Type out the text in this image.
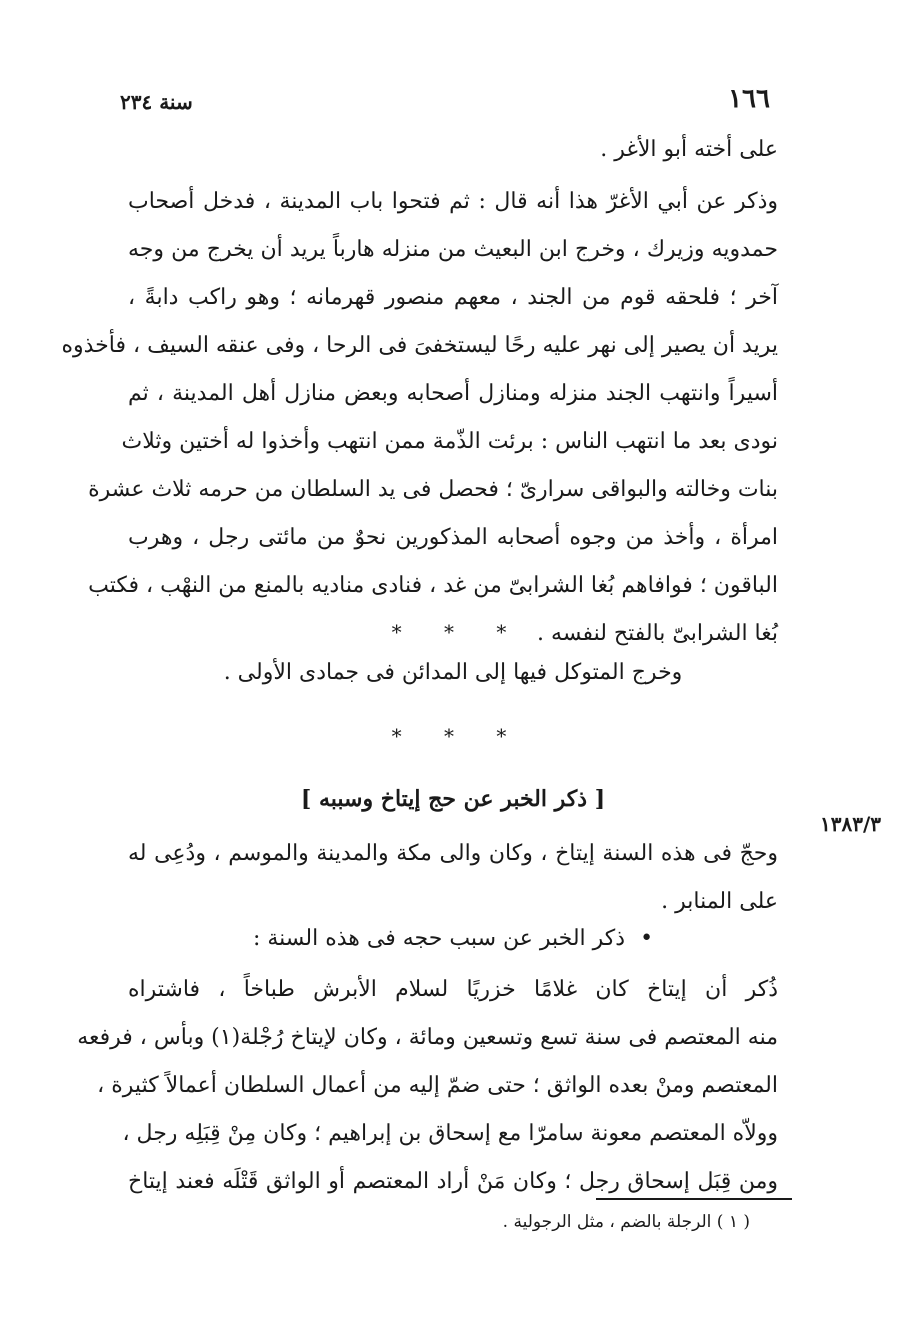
١٦٦
سنة ٢٣٤
على أخته أبو الأغر .
وذكر عن أبي الأغرّ هذا أنه قال : ثم فتحوا باب المدينة ، فدخل أصحاب
حمدويه وزيرك ، وخرج ابن البعيث من منزله هارباً يريد أن يخرج من وجه
آخر ؛ فلحقه قوم من الجند ، معهم منصور قهرمانه ؛ وهو راكب دابةً ،
يريد أن يصير إلى نهر عليه رحًا ليستخفىَ فى الرحا ، وفى عنقه السيف ، فأخذوه
أسيراً وانتهب الجند منزله ومنازل أصحابه وبعض منازل أهل المدينة ، ثم
نودى بعد ما انتهب الناس : برئت الذّمة ممن انتهب وأخذوا له أختين وثلاث
بنات وخالته والبواقى سرارىّ ؛ فحصل فى يد السلطان من حرمه ثلاث عشرة
امرأة ، وأخذ من وجوه أصحابه المذكورين نحوٌ من مائتى رجل ، وهرب
الباقون ؛ فوافاهم بُغا الشرابىّ من غد ، فنادى مناديه بالمنع من النهْب ، فكتب
بُغا الشرابىّ بالفتح لنفسه .
* * *
وخرج المتوكل فيها إلى المدائن فى جمادى الأولى .
* * *
[ ذكر الخبر عن حج إيتاخ وسببه ]
١٣٨٣/٣
وحجّ فى هذه السنة إيتاخ ، وكان والى مكة والمدينة والموسم ، ودُعِى له
على المنابر .
• ذكر الخبر عن سبب حجه فى هذه السنة :
ذُكر أن إيتاخ كان غلامًا خزريًا لسلام الأبرش طباخاً ، فاشتراه
منه المعتصم فى سنة تسع وتسعين ومائة ، وكان لإيتاخ رُجْلة(١) وبأس ، فرفعه
المعتصم ومنْ بعده الواثق ؛ حتى ضمّ إليه من أعمال السلطان أعمالاً كثيرة ،
وولاّه المعتصم معونة سامرّا مع إسحاق بن إبراهيم ؛ وكان مِنْ قِبَلِه رجل ،
ومن قِبَل إسحاق رجل ؛ وكان مَنْ أراد المعتصم أو الواثق قَتْلَه فعند إيتاخ
( ١ ) الرجلة بالضم ، مثل الرجولية .
